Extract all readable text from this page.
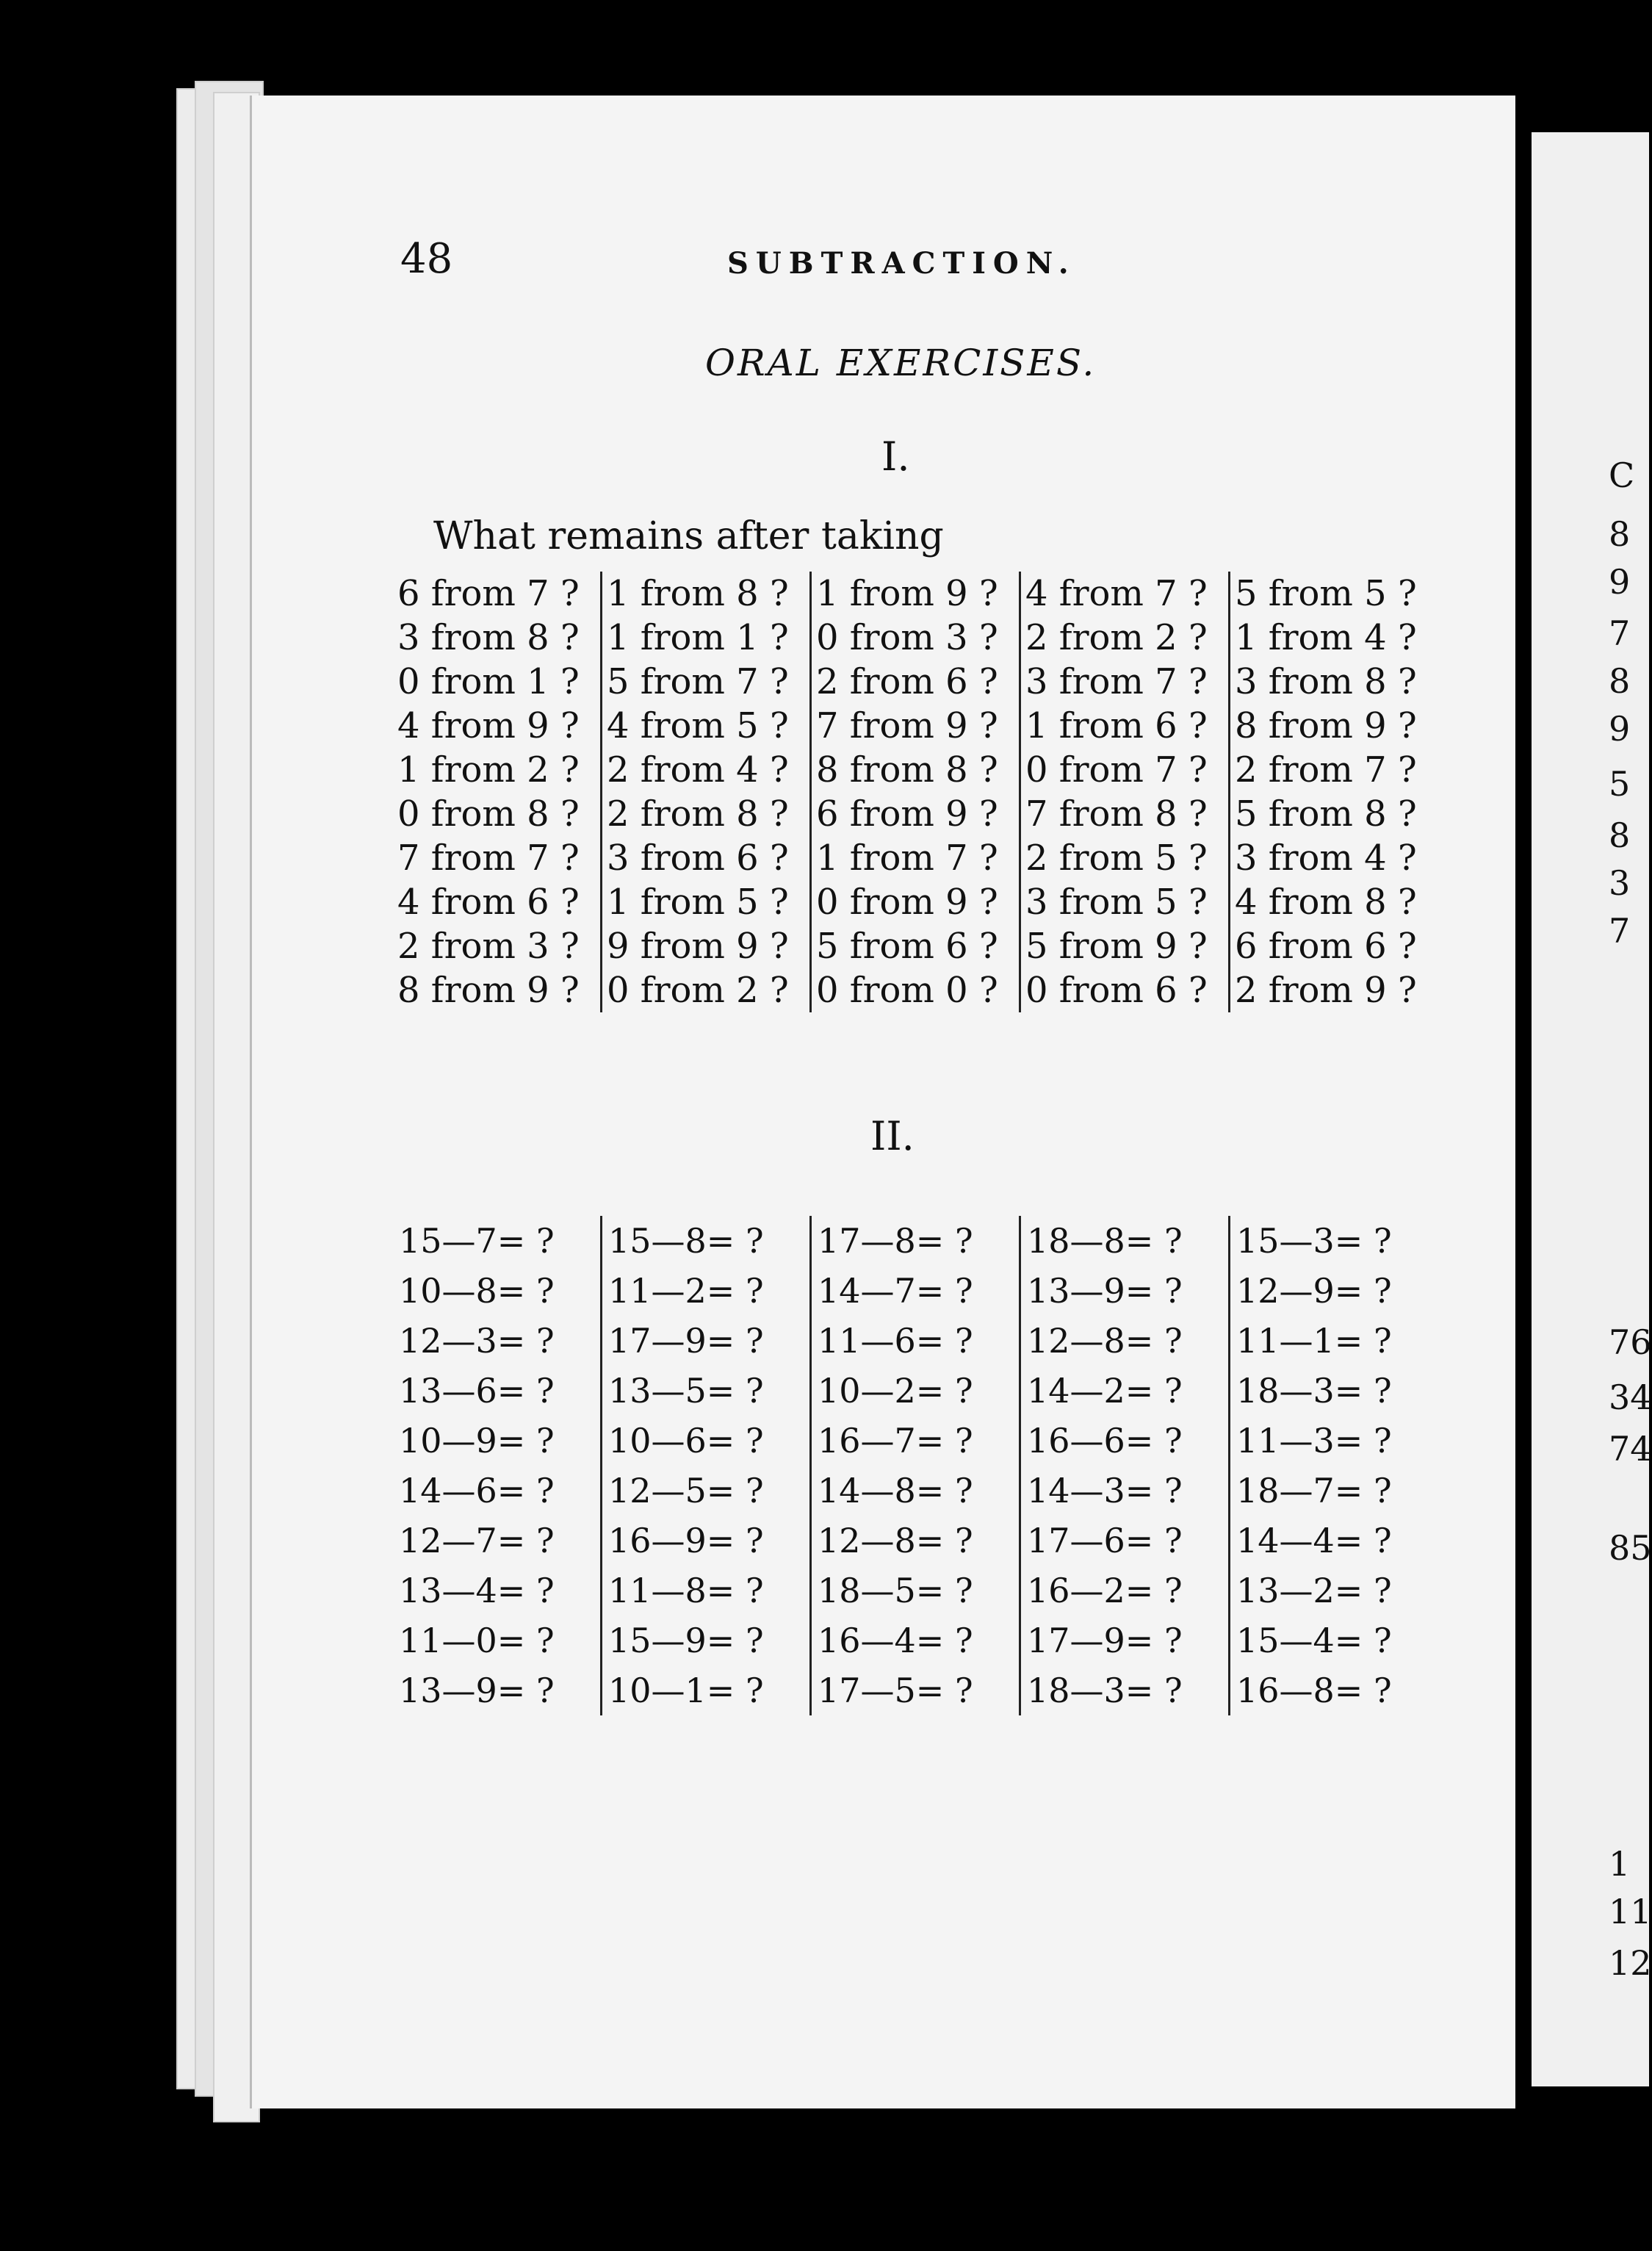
C
8
9
7
8
9
5
8
3
7
76
34
74
85
1
11
12
48	SUBTRACTION.
ORAL EXERCISES.
I.
What remains after taking
6 from 7 ?
3 from 8 ?
0 from 1 ?
4 from 9 ?
1 from 2 ?
0 from 8 ?
7 from 7 ?
4 from 6 ?
2 from 3 ?
8 from 9 ?
1 from 8 ?
1 from 1 ?
5 from 7 ?
4 from 5 ?
2 from 4 ?
2 from 8 ?
3 from 6 ?
1 from 5 ?
9 from 9 ?
0 from 2 ?
1 from 9 ?
0 from 3 ?
2 from 6 ?
7 from 9 ?
8 from 8 ?
6 from 9 ?
1 from 7 ?
0 from 9 ?
5 from 6 ?
0 from 0 ?
4 from 7 ?
2 from 2 ?
3 from 7 ?
1 from 6 ?
0 from 7 ?
7 from 8 ?
2 from 5 ?
3 from 5 ?
5 from 9 ?
0 from 6 ?
5 from 5 ?
1 from 4 ?
3 from 8 ?
8 from 9 ?
2 from 7 ?
5 from 8 ?
3 from 4 ?
4 from 8 ?
6 from 6 ?
2 from 9 ?
II.
15—7= ?
10—8= ?
12—3= ?
13—6= ?
10—9= ?
14—6= ?
12—7= ?
13—4= ?
11—0= ?
13—9= ?
15—8= ?
11—2= ?
17—9= ?
13—5= ?
10—6= ?
12—5= ?
16—9= ?
11—8= ?
15—9= ?
10—1= ?
17—8= ?
14—7= ?
11—6= ?
10—2= ?
16—7= ?
14—8= ?
12—8= ?
18—5= ?
16—4= ?
17—5= ?
18—8= ?
13—9= ?
12—8= ?
14—2= ?
16—6= ?
14—3= ?
17—6= ?
16—2= ?
17—9= ?
18—3= ?
15—3= ?
12—9= ?
11—1= ?
18—3= ?
11—3= ?
18—7= ?
14—4= ?
13—2= ?
15—4= ?
16—8= ?
